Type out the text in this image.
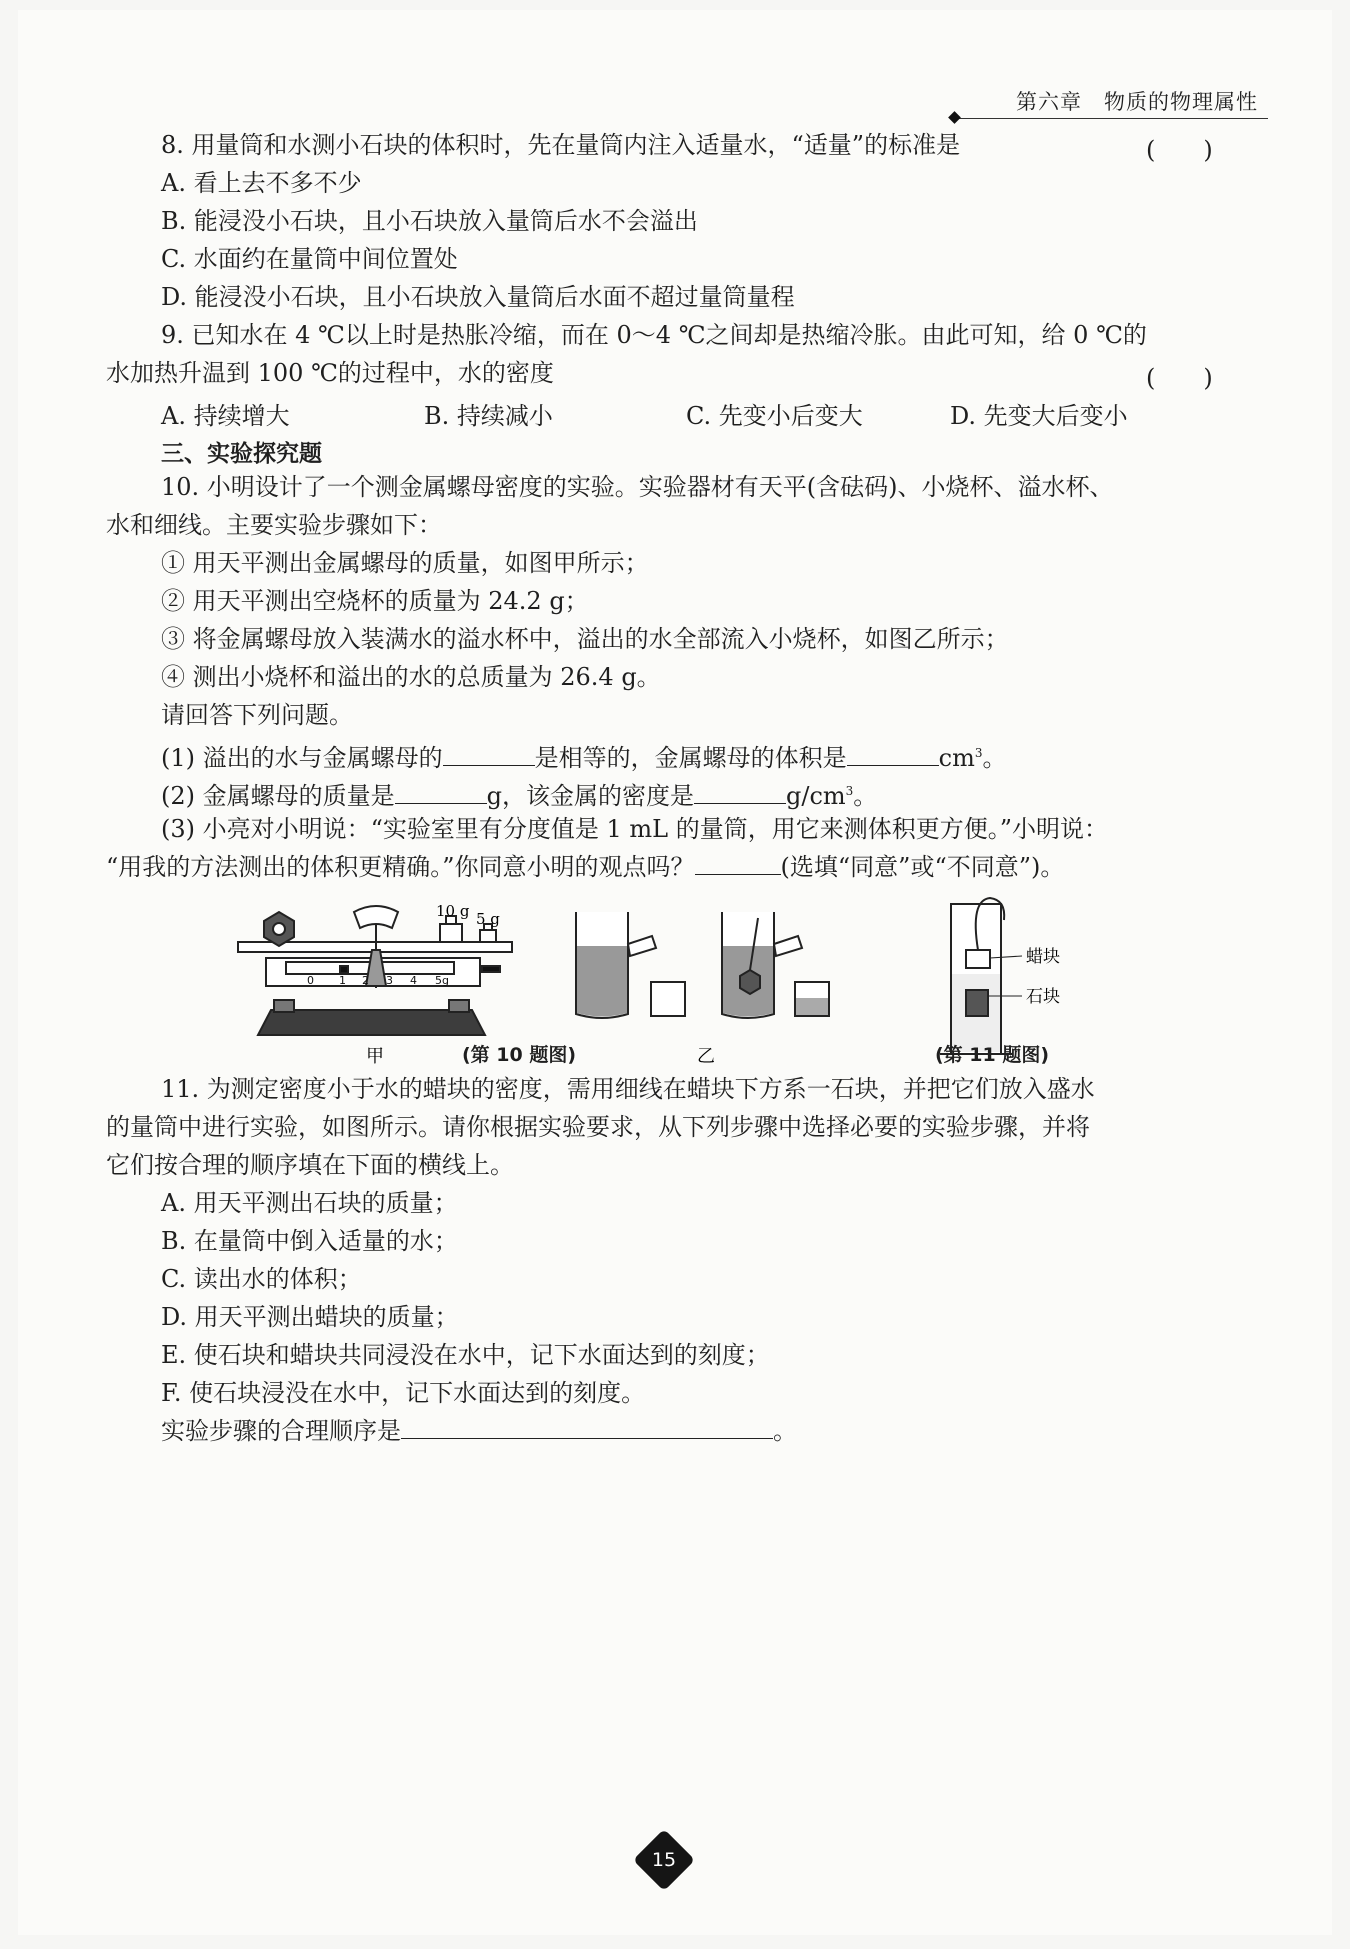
第六章　物质的物理属性
8. 用量筒和水测小石块的体积时，先在量筒内注入适量水，“适量”的标准是	(　　)
A. 看上去不多不少
B. 能浸没小石块，且小石块放入量筒后水不会溢出
C. 水面约在量筒中间位置处
D. 能浸没小石块，且小石块放入量筒后水面不超过量筒量程
9. 已知水在 4 ℃以上时是热胀冷缩，而在 0～4 ℃之间却是热缩冷胀。由此可知，给 0 ℃的
水加热升温到 100 ℃的过程中，水的密度	(　　)
A. 持续增大	B. 持续减小	C. 先变小后变大	D. 先变大后变小
三、实验探究题
10. 小明设计了一个测金属螺母密度的实验。实验器材有天平(含砝码)、小烧杯、溢水杯、
水和细线。主要实验步骤如下：
① 用天平测出金属螺母的质量，如图甲所示；
② 用天平测出空烧杯的质量为 24.2 g；
③ 将金属螺母放入装满水的溢水杯中，溢出的水全部流入小烧杯，如图乙所示；
④ 测出小烧杯和溢出的水的总质量为 26.4 g。
请回答下列问题。
(1) 溢出的水与金属螺母的	是相等的，金属螺母的体积是	$cm^3$。
(2) 金属螺母的质量是	g，该金属的密度是	$g/cm^3$。
(3) 小亮对小明说：“实验室里有分度值是 1 mL 的量筒，用它来测体积更方便。”小明说：
“用我的方法测出的体积更精确。”你同意小明的观点吗？	(选填“同意”或“不同意”)。
10 g 5 g
0 1 2 3 4 5g
甲	乙
蜡块
石块
(第 10 题图)	(第 11 题图)
11. 为测定密度小于水的蜡块的密度，需用细线在蜡块下方系一石块，并把它们放入盛水
的量筒中进行实验，如图所示。请你根据实验要求，从下列步骤中选择必要的实验步骤，并将
它们按合理的顺序填在下面的横线上。
A. 用天平测出石块的质量；
B. 在量筒中倒入适量的水；
C. 读出水的体积；
D. 用天平测出蜡块的质量；
E. 使石块和蜡块共同浸没在水中，记下水面达到的刻度；
F. 使石块浸没在水中，记下水面达到的刻度。
实验步骤的合理顺序是	。
15
